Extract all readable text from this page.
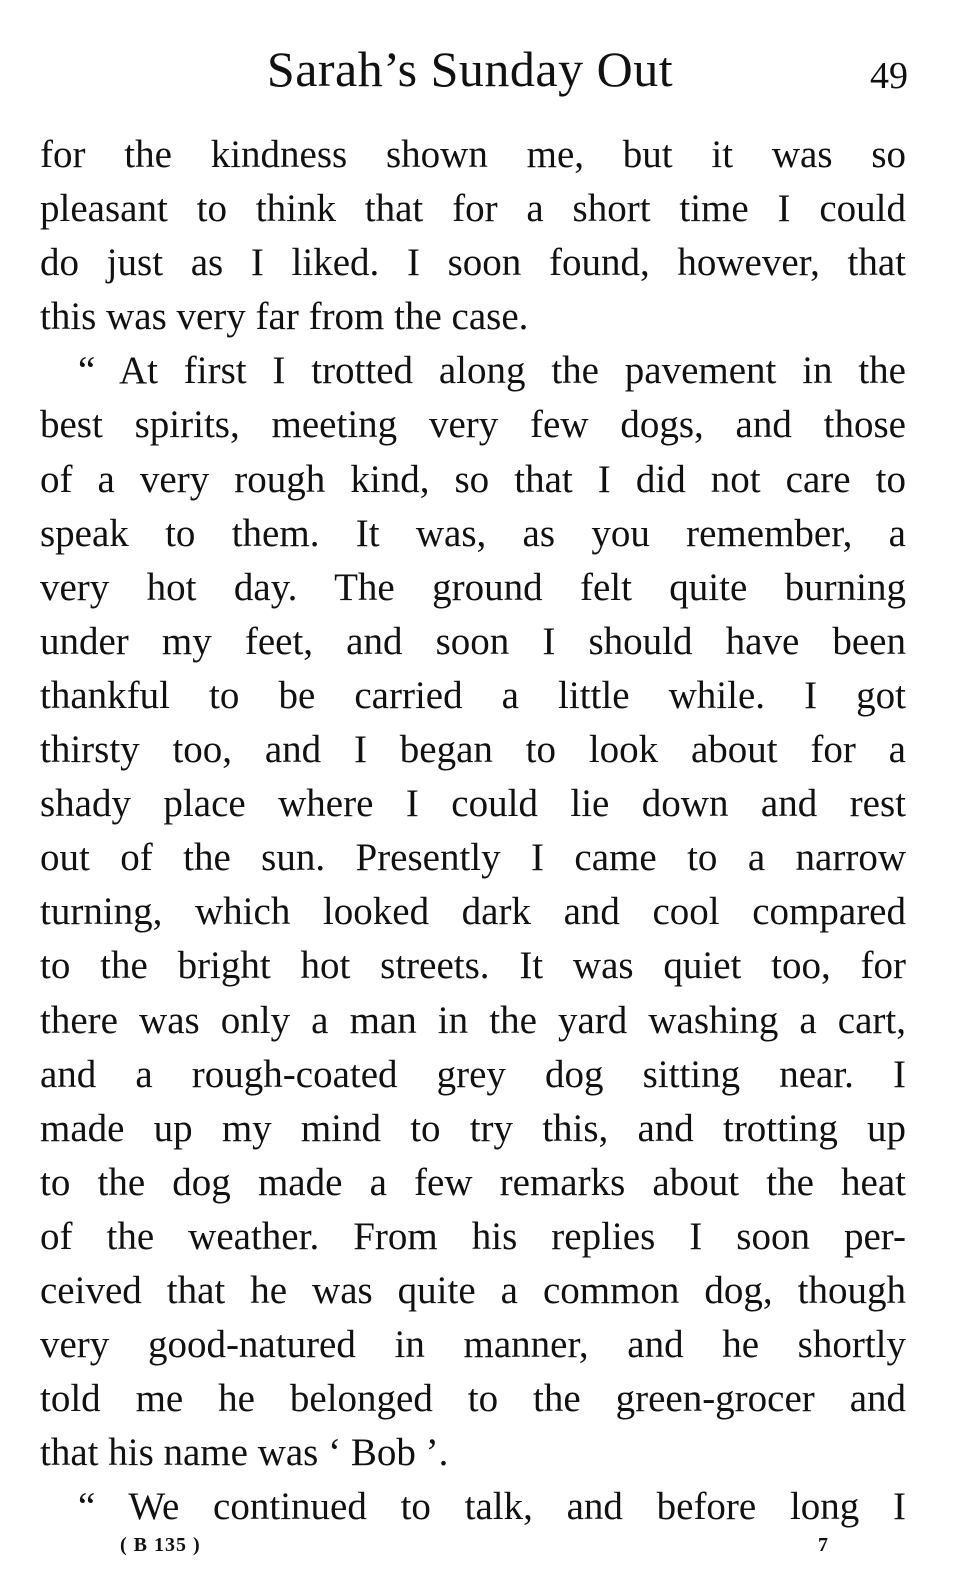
Sarah’s Sunday Out	49
for the kindness shown me, but it was so
pleasant to think that for a short time I could
do just as I liked. I soon found, however, that
this was very far from the case.
“ At first I trotted along the pavement in the
best spirits, meeting very few dogs, and those
of a very rough kind, so that I did not care to
speak to them. It was, as you remember, a
very hot day. The ground felt quite burning
under my feet, and soon I should have been
thankful to be carried a little while. I got
thirsty too, and I began to look about for a
shady place where I could lie down and rest
out of the sun. Presently I came to a narrow
turning, which looked dark and cool compared
to the bright hot streets. It was quiet too, for
there was only a man in the yard washing a cart,
and a rough-coated grey dog sitting near. I
made up my mind to try this, and trotting up
to the dog made a few remarks about the heat
of the weather. From his replies I soon per-
ceived that he was quite a common dog, though
very good-natured in manner, and he shortly
told me he belonged to the green-grocer and
that his name was ‘ Bob ’.
“ We continued to talk, and before long I
( B 135 )	7
